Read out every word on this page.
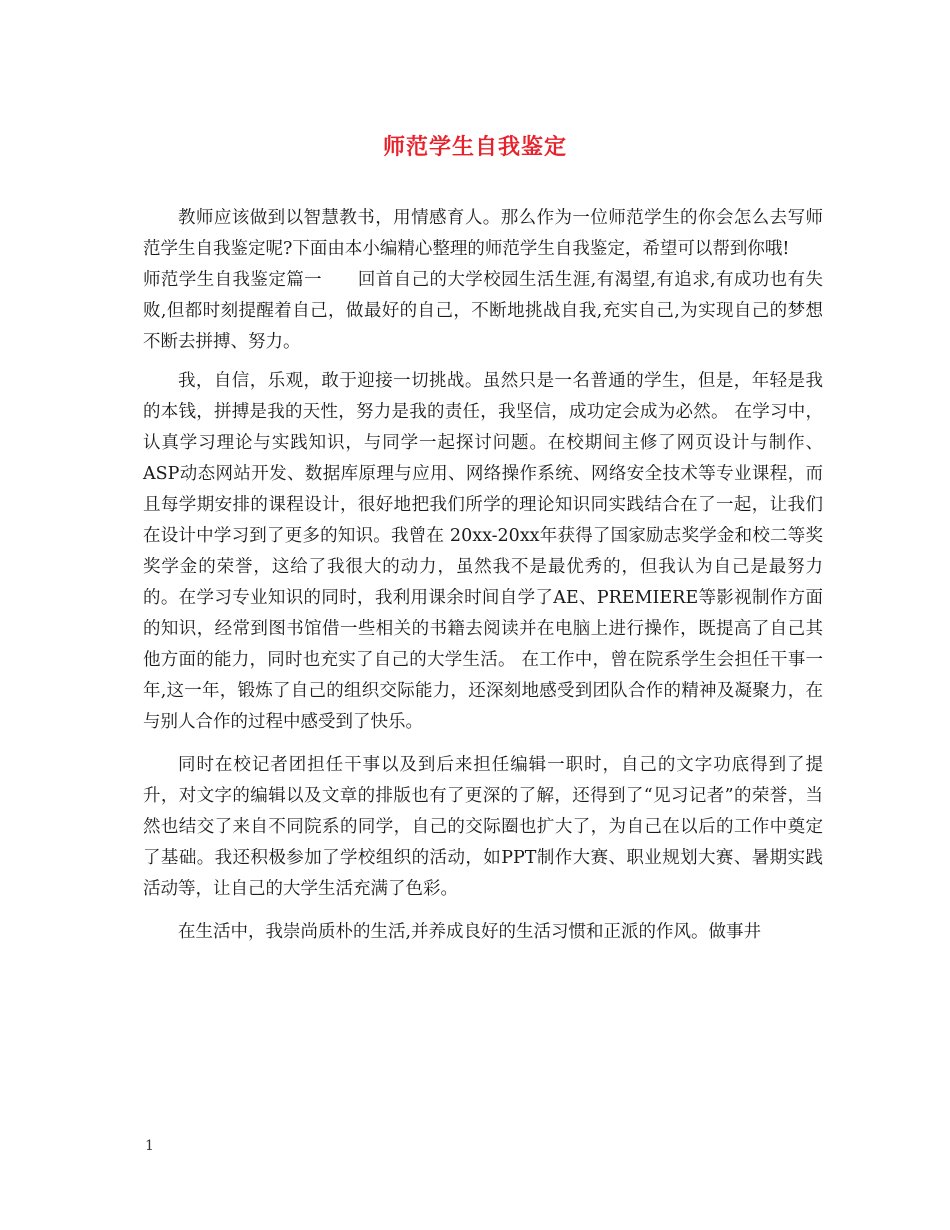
师范学生自我鉴定

教师应该做到以智慧教书，用情感育人。那么作为一位师范学生的你会怎么去写师范学生自我鉴定呢?下面由本小编精心整理的师范学生自我鉴定，希望可以帮到你哦!

师范学生自我鉴定篇一　　回首自己的大学校园生活生涯,有渴望,有追求,有成功也有失败,但都时刻提醒着自己，做最好的自己，不断地挑战自我,充实自己,为实现自己的梦想不断去拼搏、努力。

我，自信，乐观，敢于迎接一切挑战。虽然只是一名普通的学生，但是，年轻是我的本钱，拼搏是我的天性，努力是我的责任，我坚信，成功定会成为必然。 在学习中，认真学习理论与实践知识，与同学一起探讨问题。在校期间主修了网页设计与制作、ASP动态网站开发、数据库原理与应用、网络操作系统、网络安全技术等专业课程，而且每学期安排的课程设计，很好地把我们所学的理论知识同实践结合在了一起，让我们在设计中学习到了更多的知识。我曾在 20xx-20xx年获得了国家励志奖学金和校二等奖奖学金的荣誉，这给了我很大的动力，虽然我不是最优秀的，但我认为自己是最努力的。在学习专业知识的同时，我利用课余时间自学了AE、PREMIERE等影视制作方面的知识，经常到图书馆借一些相关的书籍去阅读并在电脑上进行操作，既提高了自己其他方面的能力，同时也充实了自己的大学生活。 在工作中，曾在院系学生会担任干事一年,这一年，锻炼了自己的组织交际能力，还深刻地感受到团队合作的精神及凝聚力，在与别人合作的过程中感受到了快乐。

同时在校记者团担任干事以及到后来担任编辑一职时，自己的文字功底得到了提升，对文字的编辑以及文章的排版也有了更深的了解，还得到了“见习记者”的荣誉，当然也结交了来自不同院系的同学，自己的交际圈也扩大了，为自己在以后的工作中奠定了基础。我还积极参加了学校组织的活动，如PPT制作大赛、职业规划大赛、暑期实践活动等，让自己的大学生活充满了色彩。

在生活中，我崇尚质朴的生活,并养成良好的生活习惯和正派的作风。做事井

1
